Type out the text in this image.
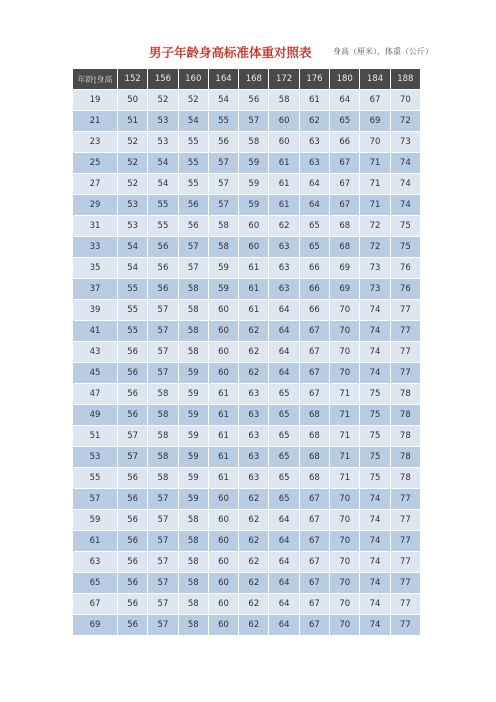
男子年龄身高标准体重对照表	身高（厘米），体重（公斤）
年龄|身高	152	156	160	164	168	172	176	180	184	188
19	50	52	52	54	56	58	61	64	67	70
21	51	53	54	55	57	60	62	65	69	72
23	52	53	55	56	58	60	63	66	70	73
25	52	54	55	57	59	61	63	67	71	74
27	52	54	55	57	59	61	64	67	71	74
29	53	55	56	57	59	61	64	67	71	74
31	53	55	56	58	60	62	65	68	72	75
33	54	56	57	58	60	63	65	68	72	75
35	54	56	57	59	61	63	66	69	73	76
37	55	56	58	59	61	63	66	69	73	76
39	55	57	58	60	61	64	66	70	74	77
41	55	57	58	60	62	64	67	70	74	77
43	56	57	58	60	62	64	67	70	74	77
45	56	57	59	60	62	64	67	70	74	77
47	56	58	59	61	63	65	67	71	75	78
49	56	58	59	61	63	65	68	71	75	78
51	57	58	59	61	63	65	68	71	75	78
53	57	58	59	61	63	65	68	71	75	78
55	56	58	59	61	63	65	68	71	75	78
57	56	57	59	60	62	65	67	70	74	77
59	56	57	58	60	62	64	67	70	74	77
61	56	57	58	60	62	64	67	70	74	77
63	56	57	58	60	62	64	67	70	74	77
65	56	57	58	60	62	64	67	70	74	77
67	56	57	58	60	62	64	67	70	74	77
69	56	57	58	60	62	64	67	70	74	77
